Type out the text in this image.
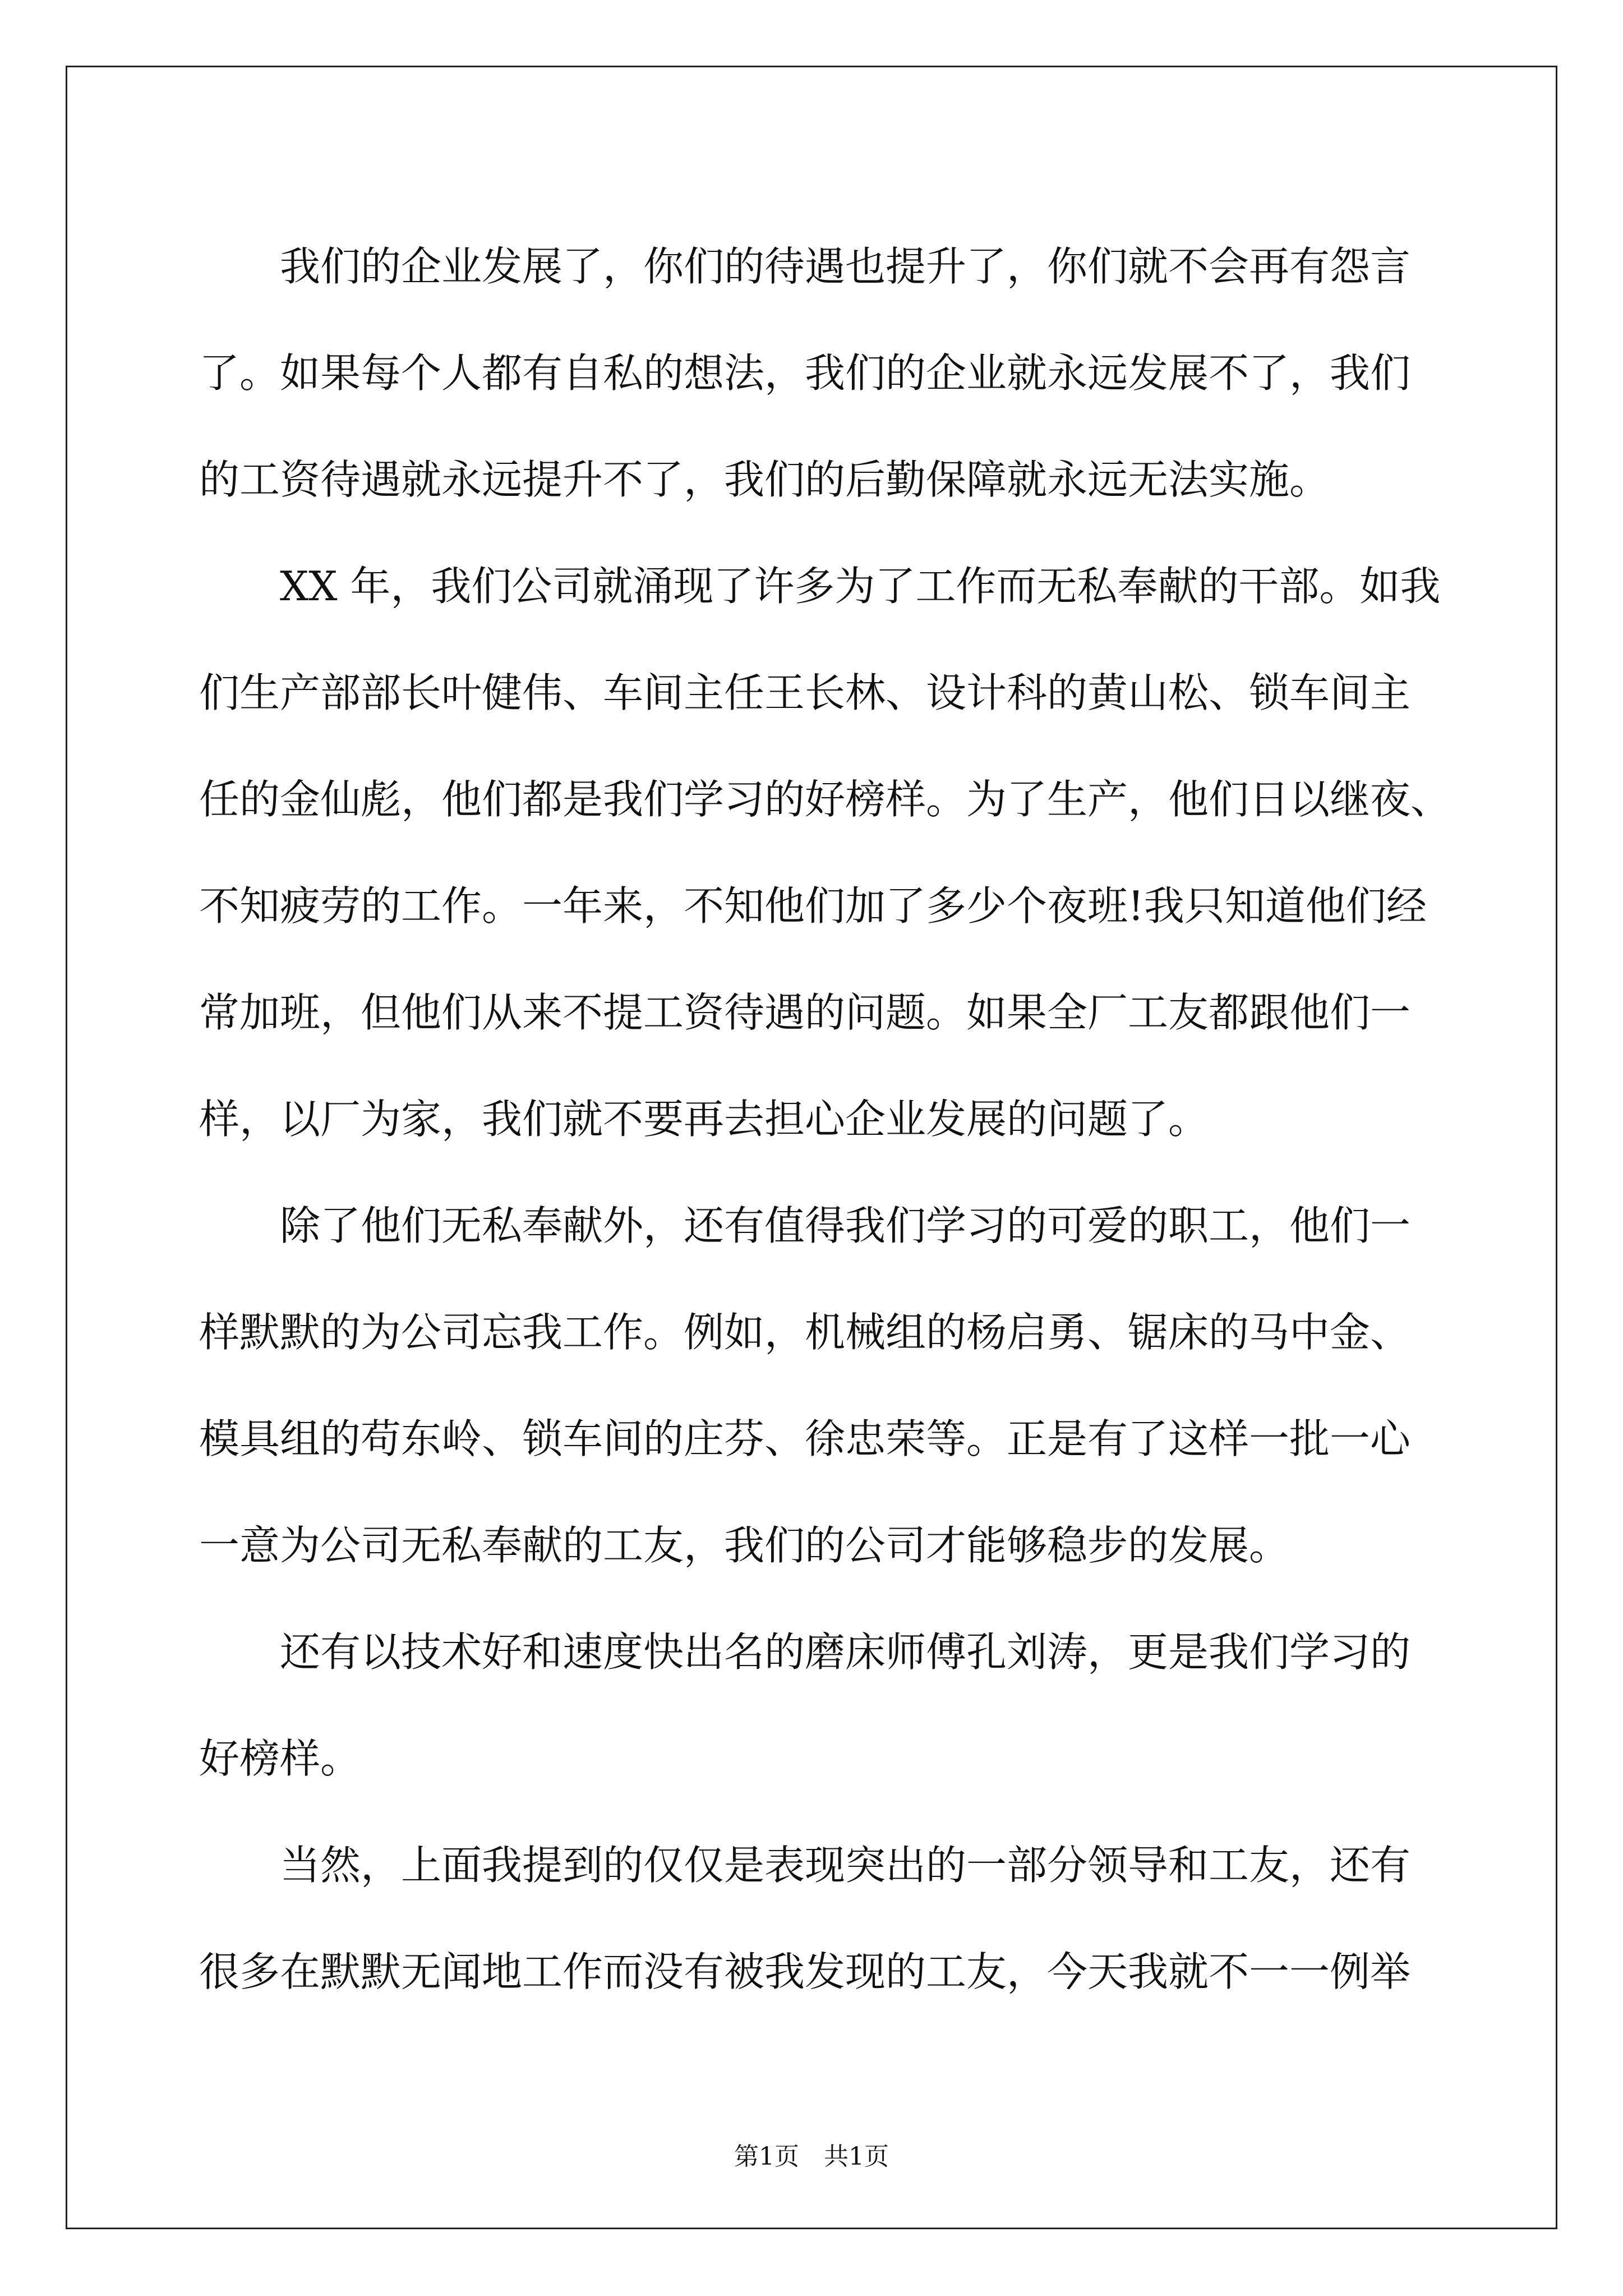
我们的企业发展了，你们的待遇也提升了，你们就不会再有怨言
了。如果每个人都有自私的想法，我们的企业就永远发展不了，我们
的工资待遇就永远提升不了，我们的后勤保障就永远无法实施。
XX 年，我们公司就涌现了许多为了工作而无私奉献的干部。如我
们生产部部长叶健伟、车间主任王长林、设计科的黄山松、锁车间主
任的金仙彪，他们都是我们学习的好榜样。为了生产，他们日以继夜、
不知疲劳的工作。一年来，不知他们加了多少个夜班!我只知道他们经
常加班，但他们从来不提工资待遇的问题。如果全厂工友都跟他们一
样，以厂为家，我们就不要再去担心企业发展的问题了。
除了他们无私奉献外，还有值得我们学习的可爱的职工，他们一
样默默的为公司忘我工作。例如，机械组的杨启勇、锯床的马中金、
模具组的苟东岭、锁车间的庄芬、徐忠荣等。正是有了这样一批一心
一意为公司无私奉献的工友，我们的公司才能够稳步的发展。
还有以技术好和速度快出名的磨床师傅孔刘涛，更是我们学习的
好榜样。
当然，上面我提到的仅仅是表现突出的一部分领导和工友，还有
很多在默默无闻地工作而没有被我发现的工友，今天我就不一一例举
第1页　共1页
